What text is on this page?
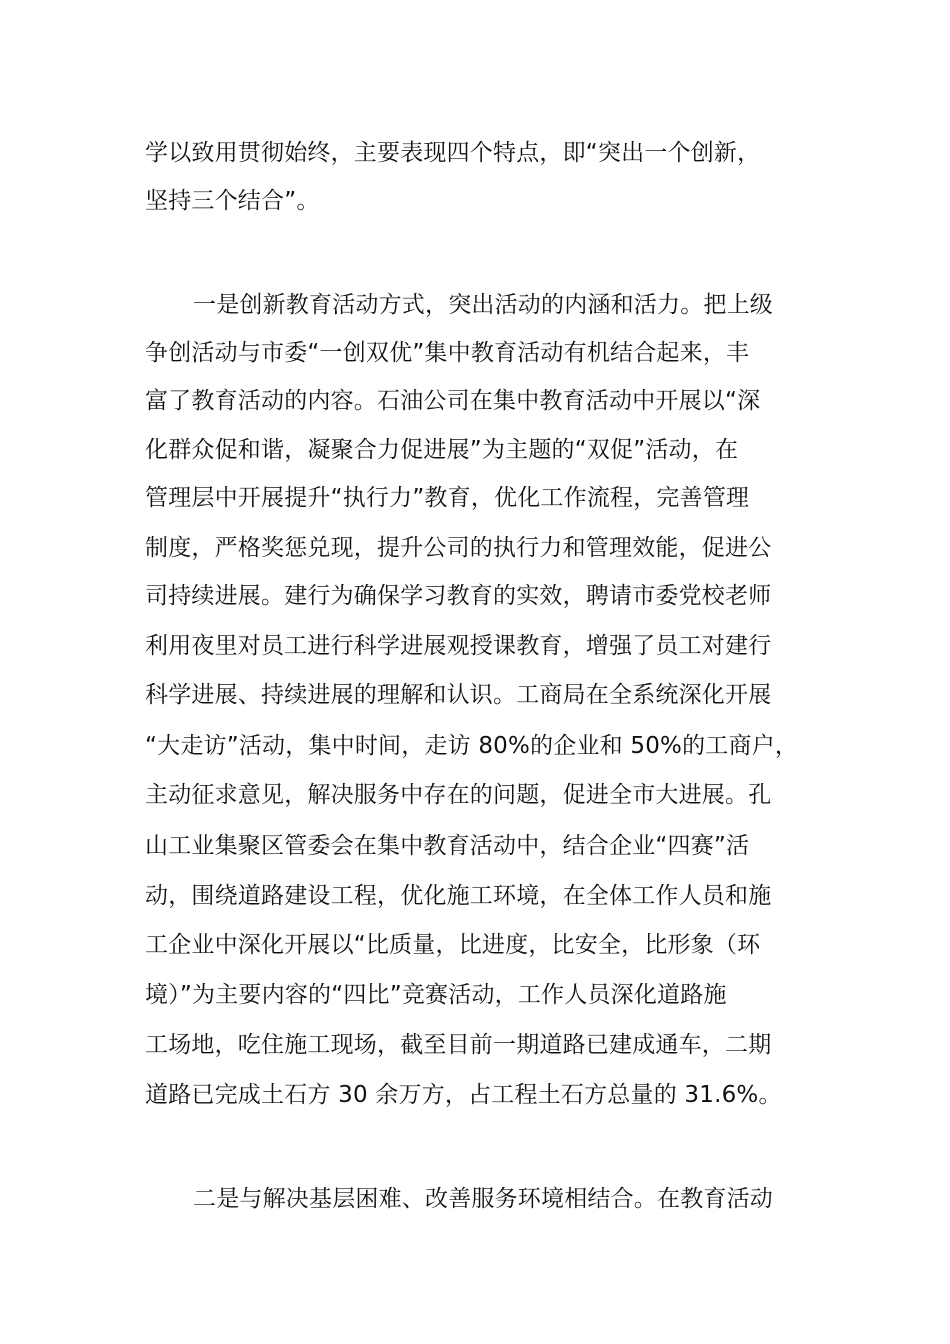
学以致用贯彻始终，主要表现四个特点，即“突出一个创新，
坚持三个结合”。
一是创新教育活动方式，突出活动的内涵和活力。把上级
争创活动与市委“一创双优”集中教育活动有机结合起来，丰
富了教育活动的内容。石油公司在集中教育活动中开展以“深
化群众促和谐，凝聚合力促进展”为主题的“双促”活动，在
管理层中开展提升“执行力”教育，优化工作流程，完善管理
制度，严格奖惩兑现，提升公司的执行力和管理效能，促进公
司持续进展。建行为确保学习教育的实效，聘请市委党校老师
利用夜里对员工进行科学进展观授课教育，增强了员工对建行
科学进展、持续进展的理解和认识。工商局在全系统深化开展
“大走访”活动，集中时间，走访 80%的企业和 50%的工商户，
主动征求意见，解决服务中存在的问题，促进全市大进展。孔
山工业集聚区管委会在集中教育活动中，结合企业“四赛”活
动，围绕道路建设工程，优化施工环境，在全体工作人员和施
工企业中深化开展以“比质量，比进度，比安全，比形象（环
境）”为主要内容的“四比”竞赛活动，工作人员深化道路施
工场地，吃住施工现场，截至目前一期道路已建成通车，二期
道路已完成土石方 30 余万方，占工程土石方总量的 31.6%。
二是与解决基层困难、改善服务环境相结合。在教育活动
